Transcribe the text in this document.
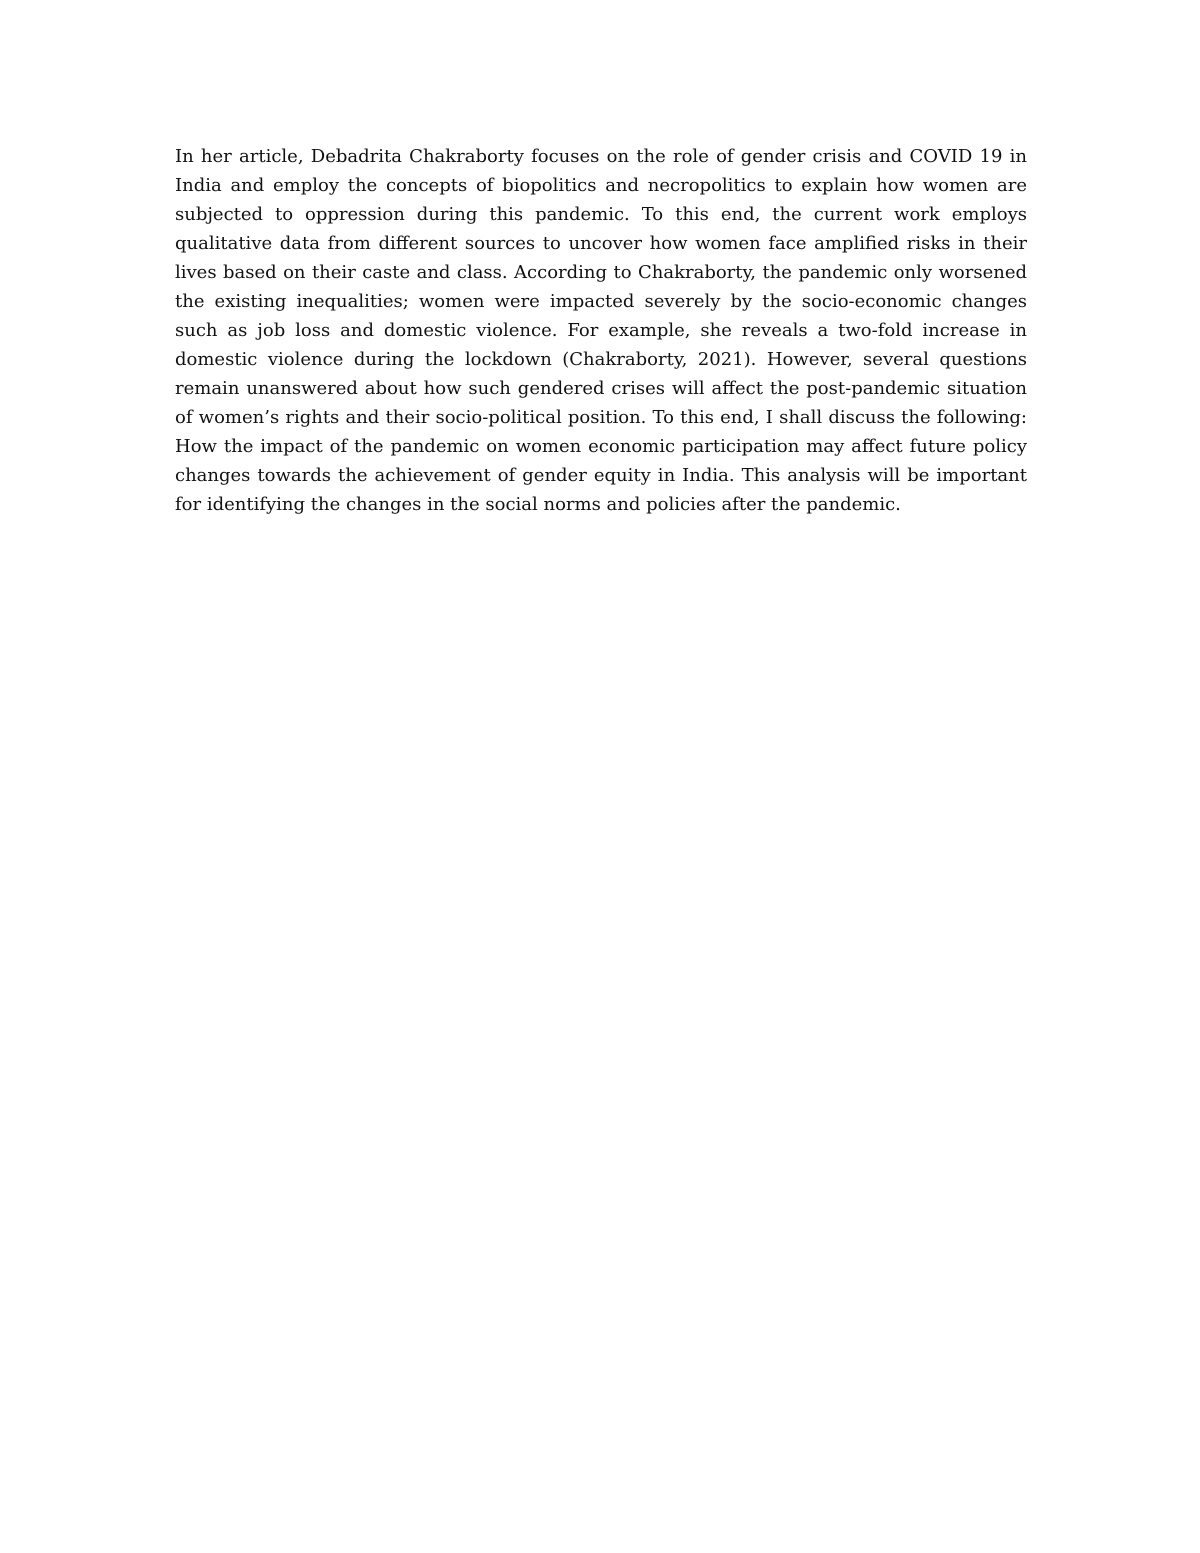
In her article, Debadrita Chakraborty focuses on the role of gender crisis and COVID 19 in
India and employ the concepts of biopolitics and necropolitics to explain how women are
subjected to oppression during this pandemic. To this end, the current work employs
qualitative data from different sources to uncover how women face amplified risks in their
lives based on their caste and class. According to Chakraborty, the pandemic only worsened
the existing inequalities; women were impacted severely by the socio-economic changes
such as job loss and domestic violence. For example, she reveals a two-fold increase in
domestic violence during the lockdown (Chakraborty, 2021). However, several questions
remain unanswered about how such gendered crises will affect the post-pandemic situation
of women’s rights and their socio-political position. To this end, I shall discuss the following:
How the impact of the pandemic on women economic participation may affect future policy
changes towards the achievement of gender equity in India. This analysis will be important
for identifying the changes in the social norms and policies after the pandemic.
